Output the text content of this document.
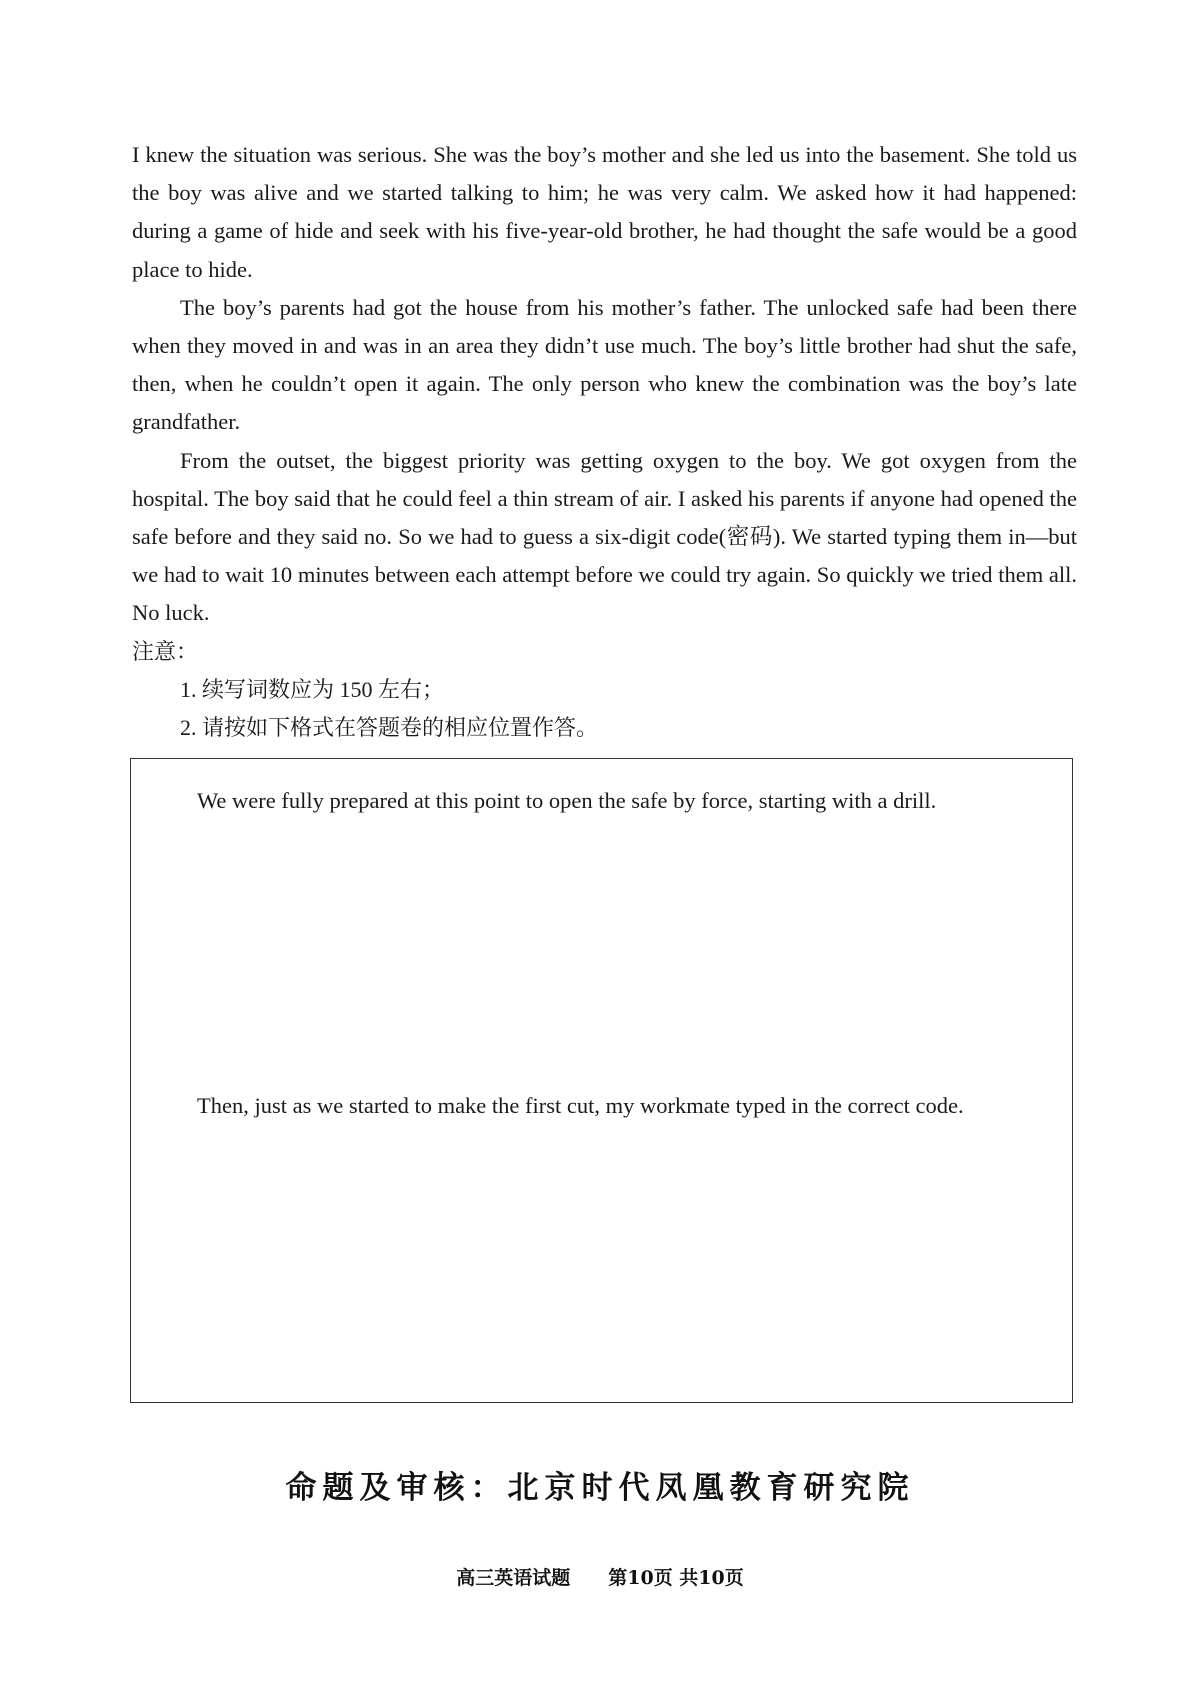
I knew the situation was serious. She was the boy’s mother and she led us into the basement. She told us the boy was alive and we started talking to him; he was very calm. We asked how it had happened: during a game of hide and seek with his five-year-old brother, he had thought the safe would be a good place to hide.

The boy’s parents had got the house from his mother’s father. The unlocked safe had been there when they moved in and was in an area they didn’t use much. The boy’s little brother had shut the safe, then, when he couldn’t open it again. The only person who knew the combination was the boy’s late grandfather.

From the outset, the biggest priority was getting oxygen to the boy. We got oxygen from the hospital. The boy said that he could feel a thin stream of air. I asked his parents if anyone had opened the safe before and they said no. So we had to guess a six-digit code(密码). We started typing them in—but we had to wait 10 minutes between each attempt before we could try again. So quickly we tried them all. No luck.

注意：

1. 续写词数应为 150 左右；
2. 请按如下格式在答题卷的相应位置作答。
We were fully prepared at this point to open the safe by force, starting with a drill.
Then, just as we started to make the first cut, my workmate typed in the correct code.
命题及审核：北京时代凤凰教育研究院
高三英语试题 第10页 共10页
